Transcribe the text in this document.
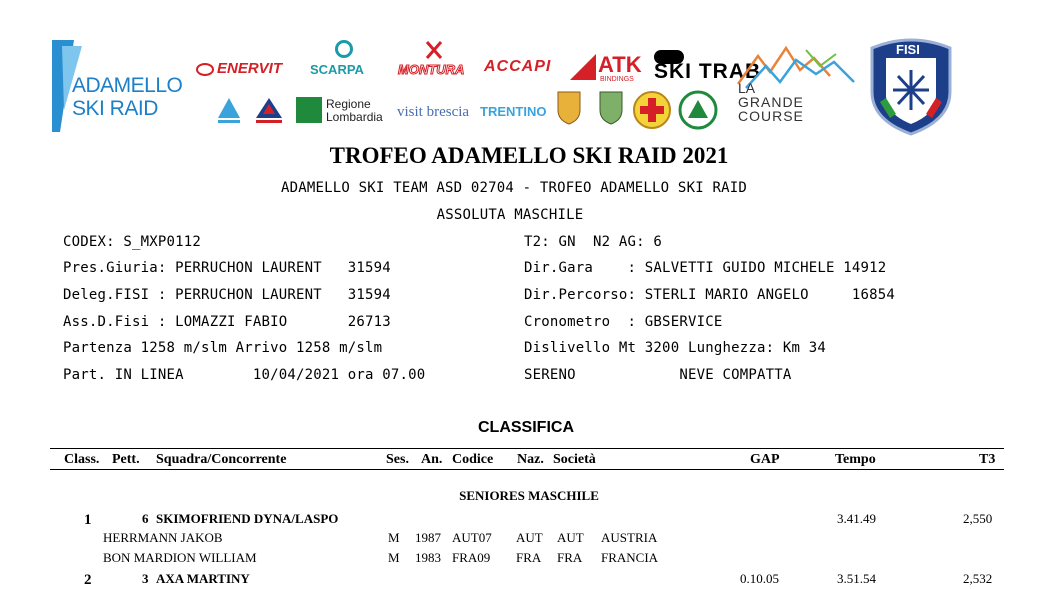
ADAMELLO
SKI RAID
ENERVIT SCARPA	MONTURA ACCAPI ATK
BINDINGS SKI TRAB
LA
GRANDE
COURSE
FISI
Regione
Lombardia visit brescia TRENTINO
TROFEO ADAMELLO SKI RAID 2021
ADAMELLO SKI TEAM ASD 02704 - TROFEO ADAMELLO SKI RAID
ASSOLUTA MASCHILE
CODEX: S_MXP0112
Pres.Giuria: PERRUCHON LAURENT   31594
Deleg.FISI : PERRUCHON LAURENT   31594
Ass.D.Fisi : LOMAZZI FABIO       26713
Partenza 1258 m/slm Arrivo 1258 m/slm
Part. IN LINEA        10/04/2021 ora 07.00
T2: GN  N2 AG: 6
Dir.Gara    : SALVETTI GUIDO MICHELE 14912
Dir.Percorso: STERLI MARIO ANGELO     16854
Cronometro  : GBSERVICE
Dislivello Mt 3200 Lunghezza: Km 34
SERENO            NEVE COMPATTA
CLASSIFICA
Class. Pett. Squadra/Concorrente	Ses. An. Codice Naz. Società	GAP	Tempo	T3
SENIORES MASCHILE
1	6 SKIMOFRIEND DYNA/LASPO	3.41.49	2,550
HERRMANN JAKOB	M 1987 AUT07 AUT AUT AUSTRIA
BON MARDION WILLIAM	M 1983 FRA09 FRA FRA FRANCIA
2	3 AXA MARTINY	0.10.05	3.51.54	2,532
